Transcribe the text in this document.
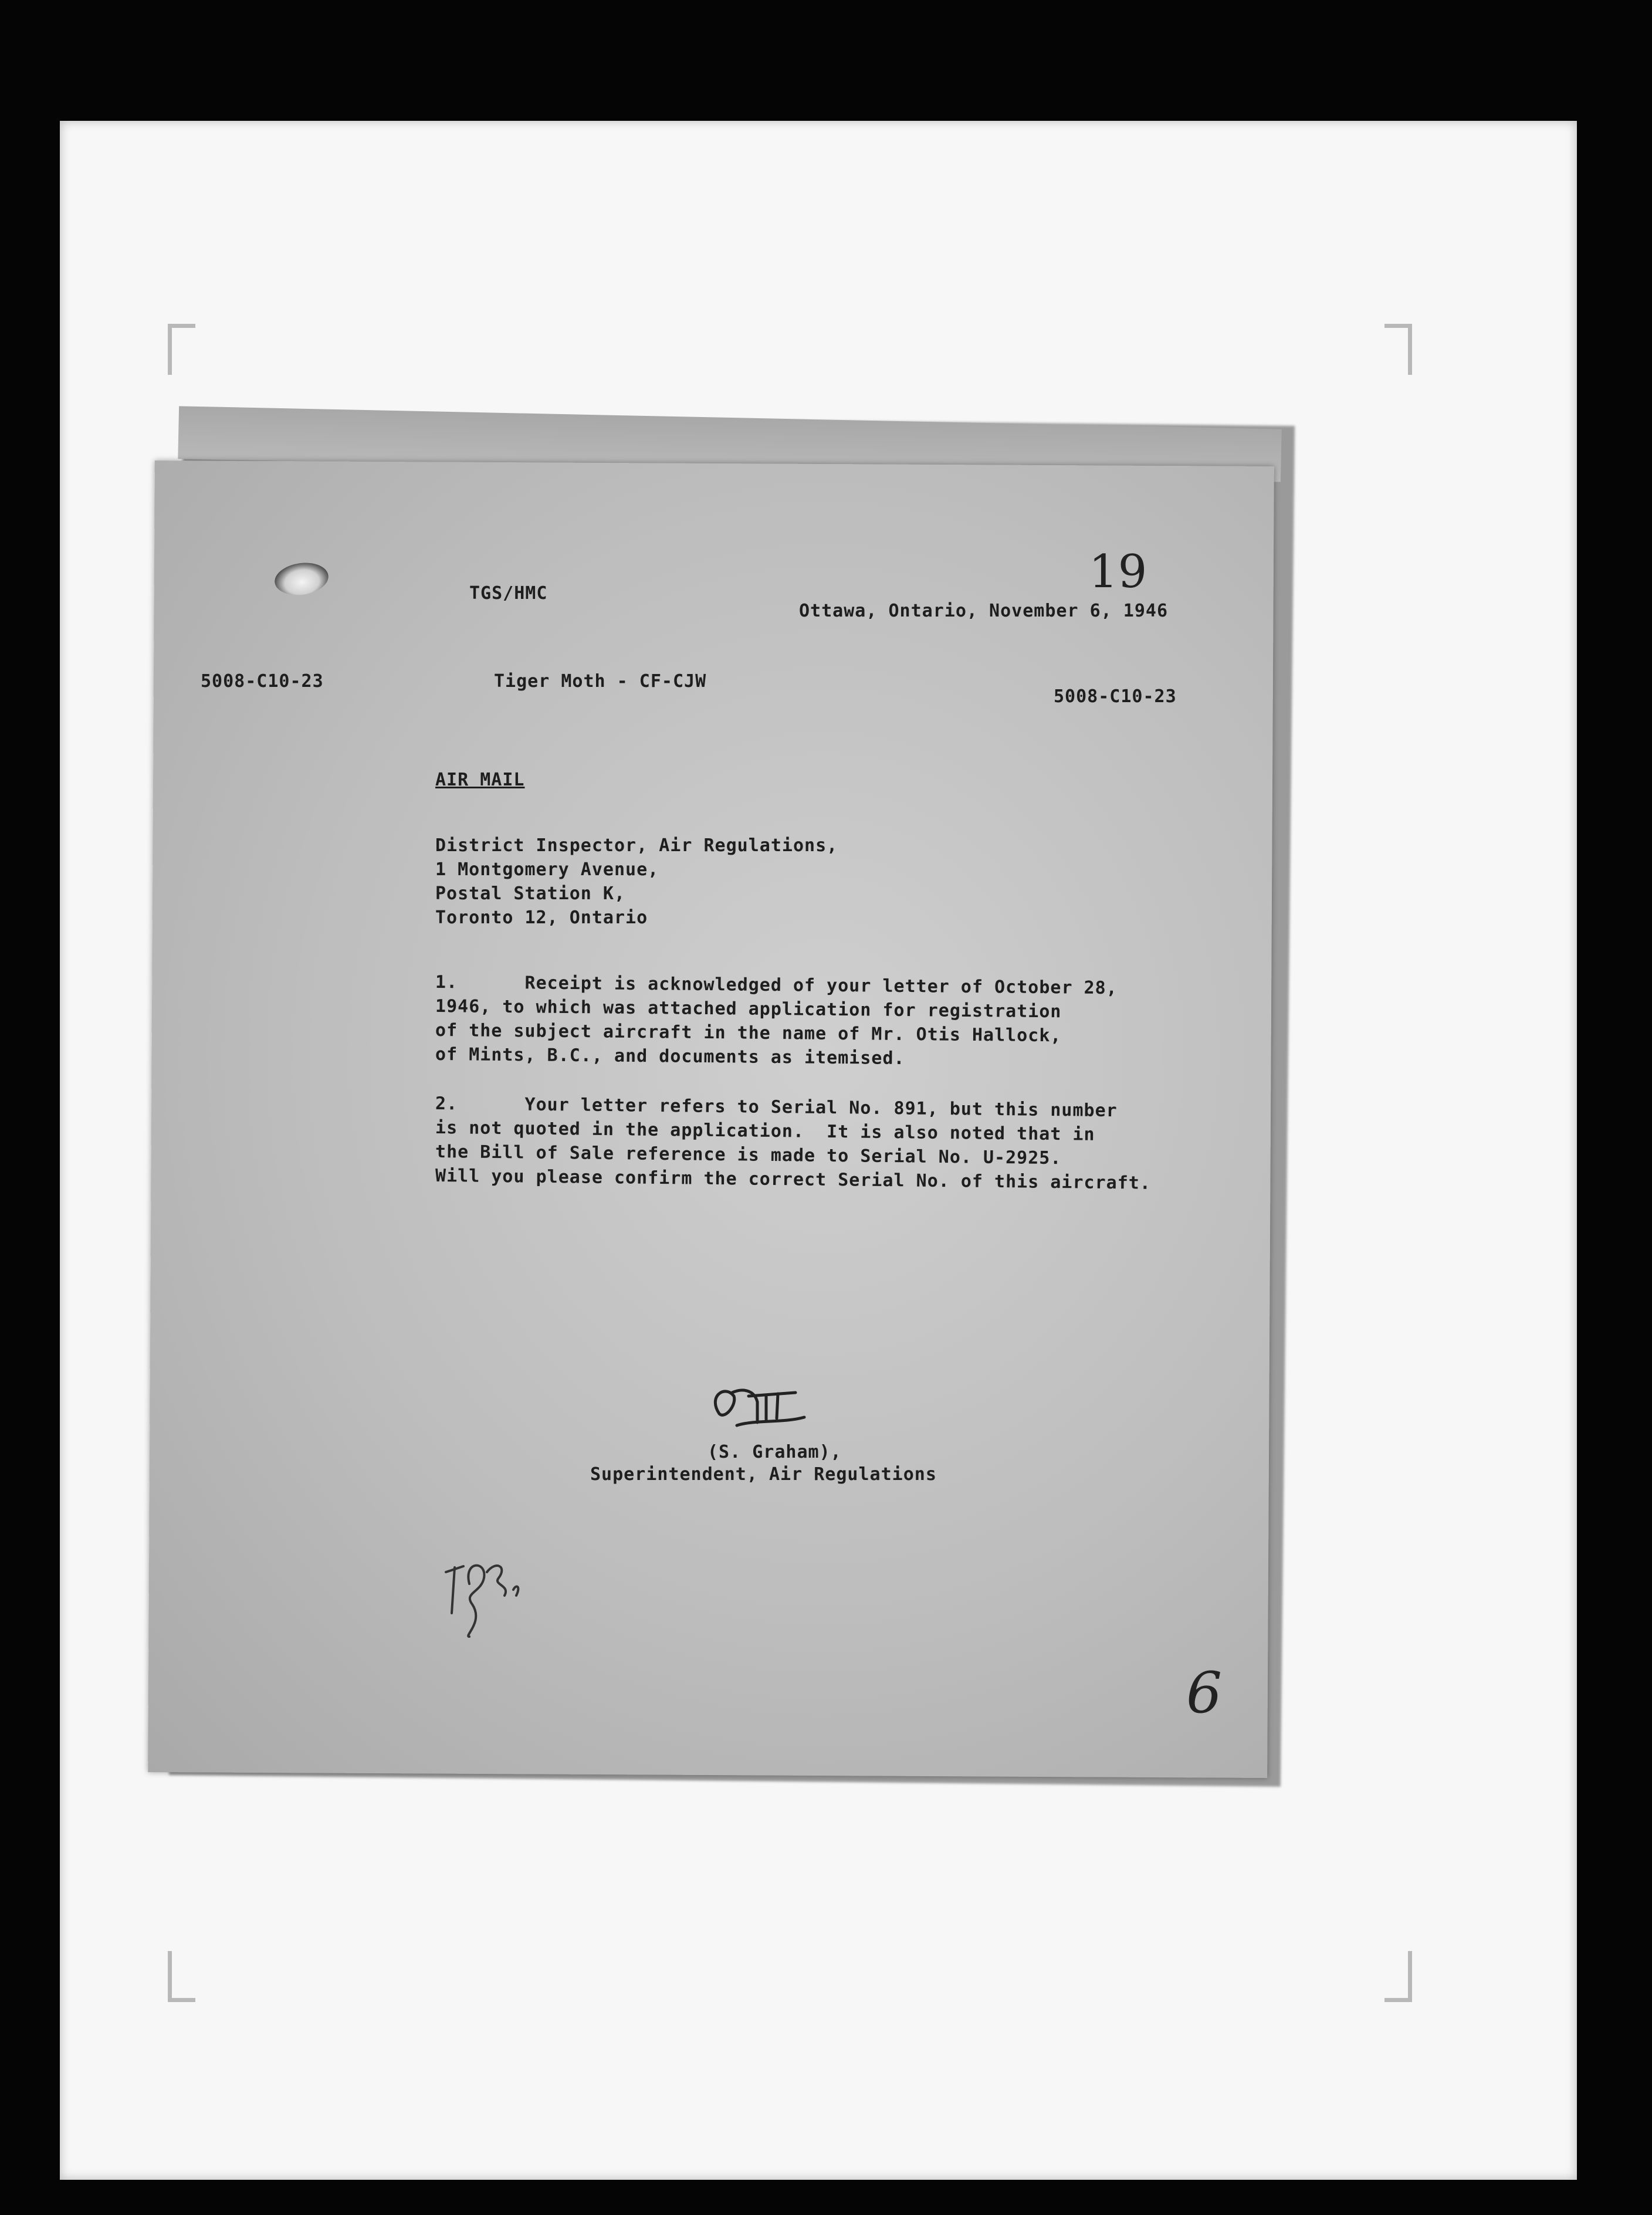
TGS/HMC
Ottawa, Ontario, November 6, 1946
19
5008-C10-23	Tiger Moth - CF-CJW
5008-C10-23
AIR MAIL
District Inspector, Air Regulations,
1 Montgomery Avenue,
Postal Station K,
Toronto 12, Ontario
1.      Receipt is acknowledged of your letter of October 28,
1946, to which was attached application for registration
of the subject aircraft in the name of Mr. Otis Hallock,
of Mints, B.C., and documents as itemised.
2.      Your letter refers to Serial No. 891, but this number
is not quoted in the application.  It is also noted that in
the Bill of Sale reference is made to Serial No. U-2925.
Will you please confirm the correct Serial No. of this aircraft.
(S. Graham),
Superintendent, Air Regulations
6
